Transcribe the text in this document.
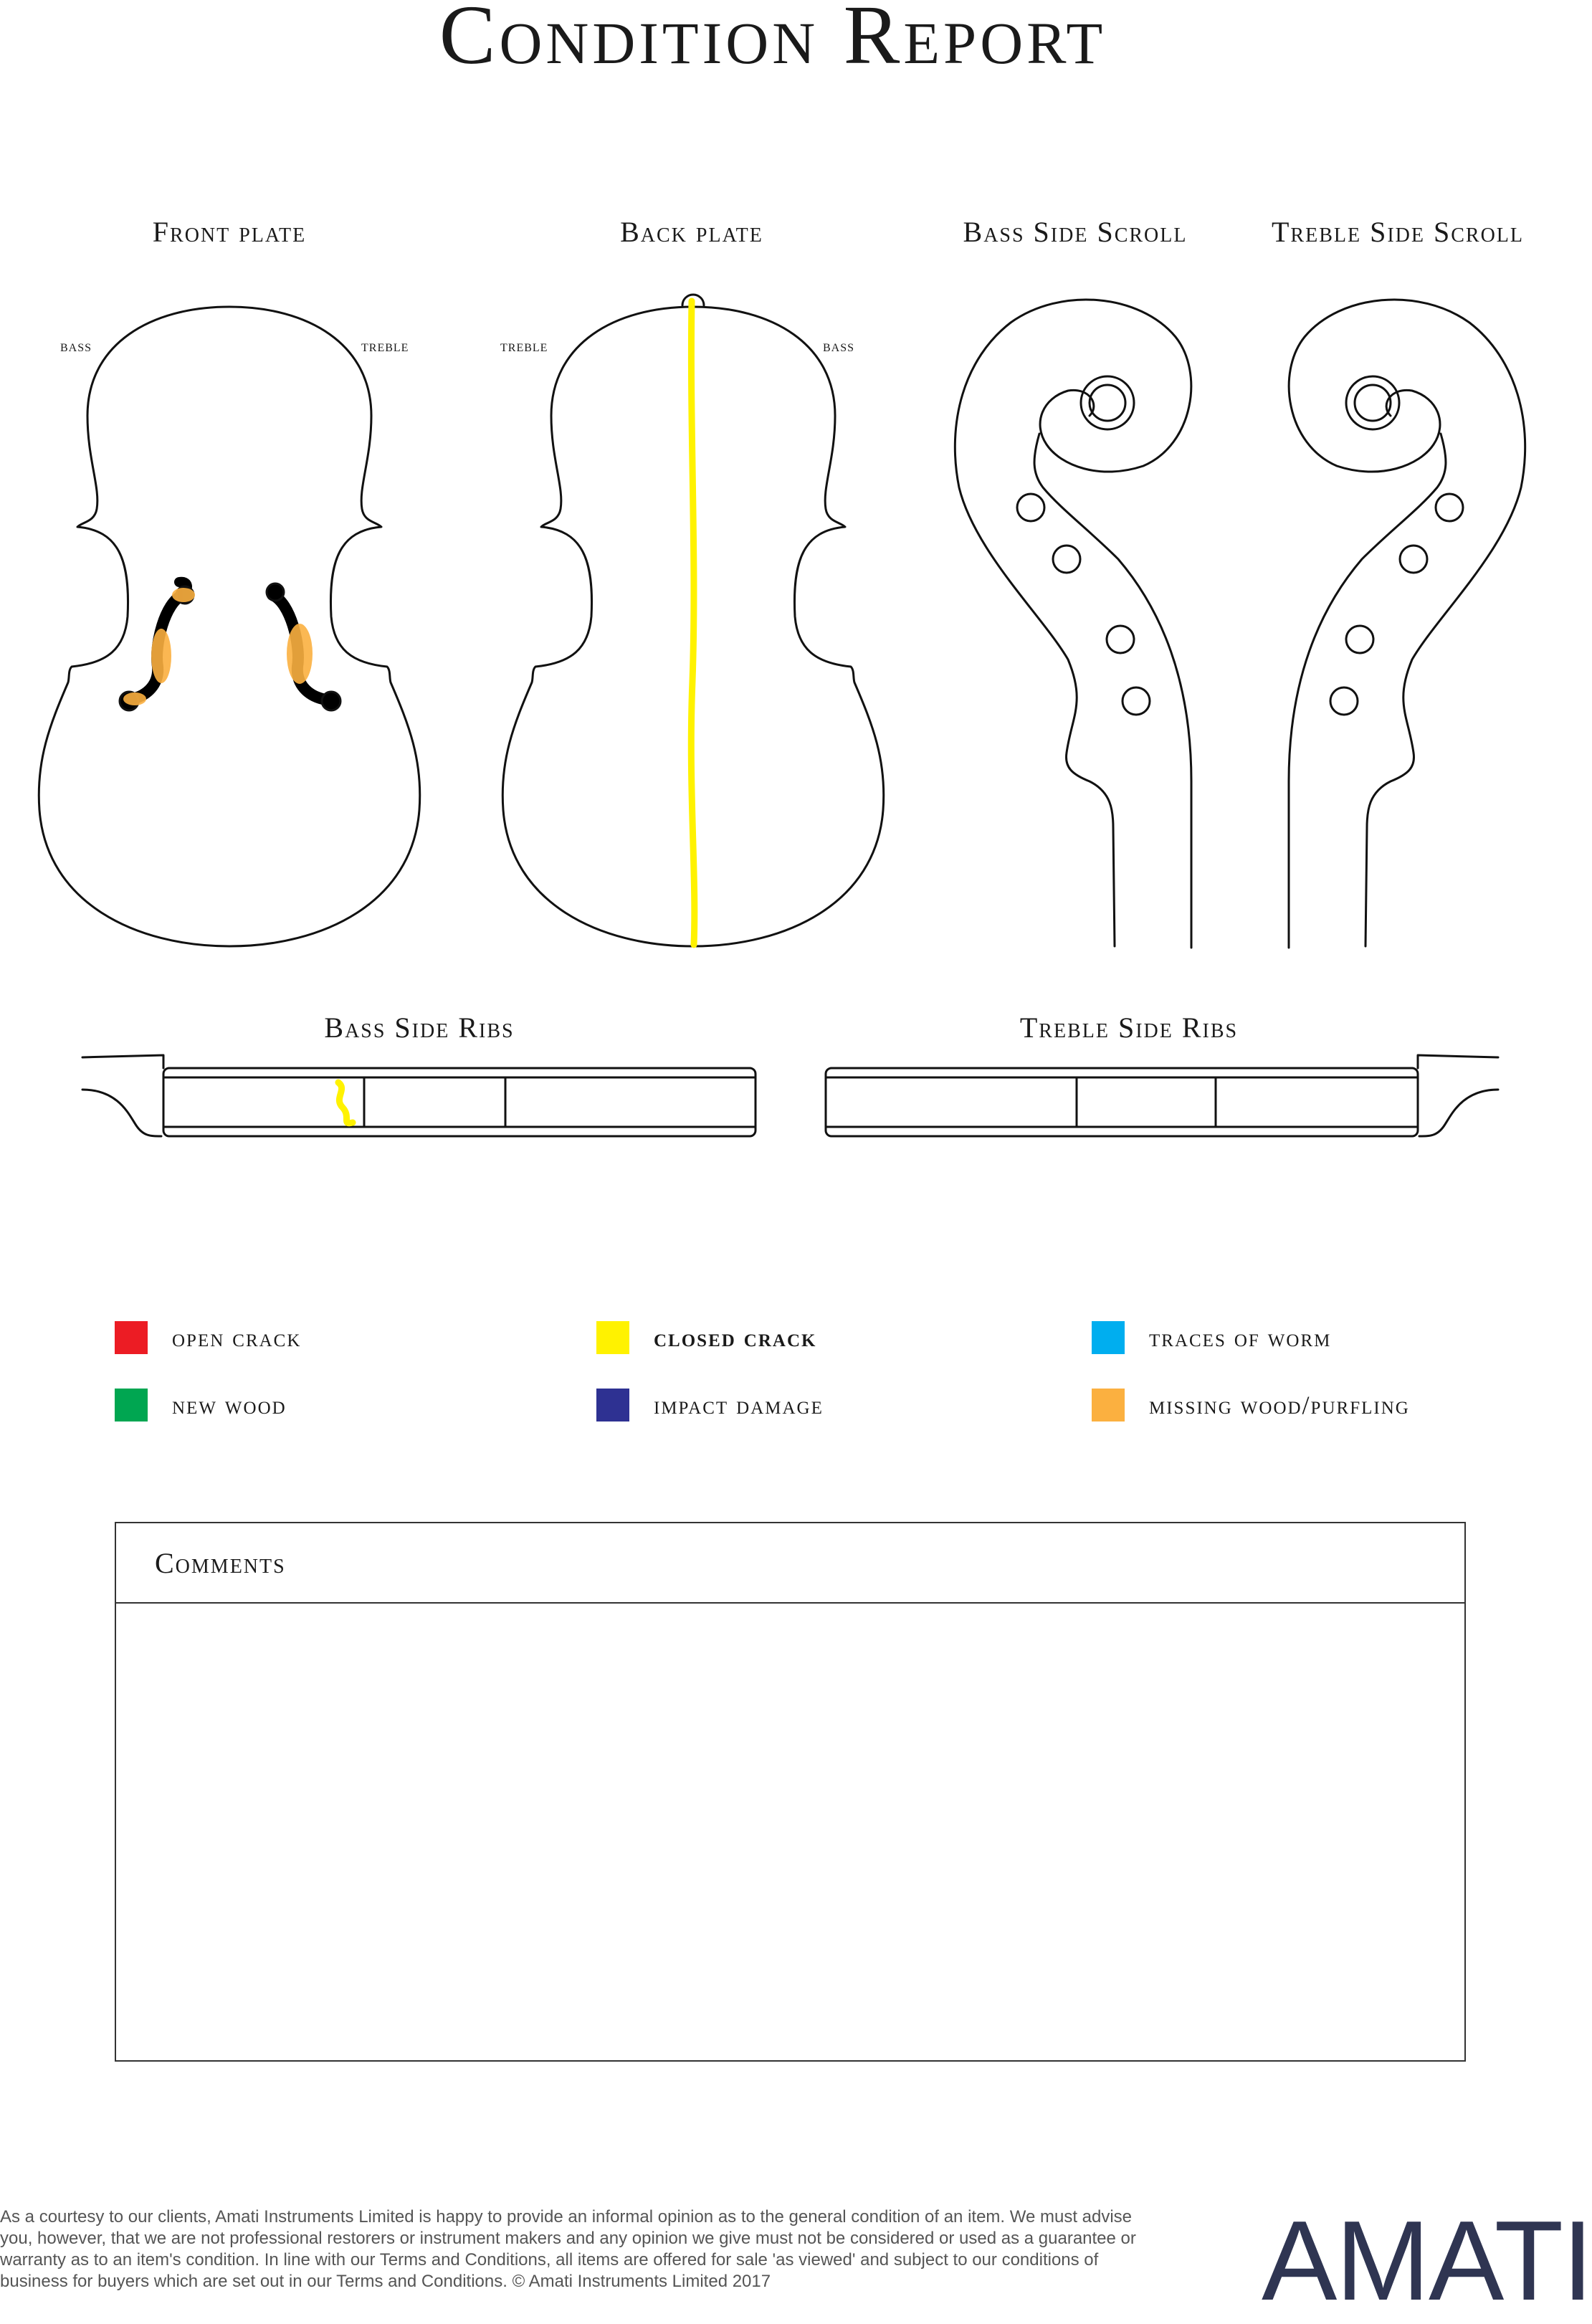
Condition Report
Front plate	Back plate	Bass Side Scroll	Treble Side Scroll
Bass Side Ribs	Treble Side Ribs
bass	treble	treble	bass
open crack	closed crack	traces of worm
new wood	impact damage	missing wood/purfling
Comments

As a courtesy to our clients, Amati Instruments Limited is happy to provide an informal opinion as to the general condition of an item. We must advise you, however, that we are not professional restorers or instrument makers and any opinion we give must not be considered or used as a guarantee or warranty as to an item's condition. In line with our Terms and Conditions, all items are offered for sale 'as viewed' and subject to our conditions of business for buyers which are set out in our Terms and Conditions. © Amati Instruments Limited 2017	AMATI
